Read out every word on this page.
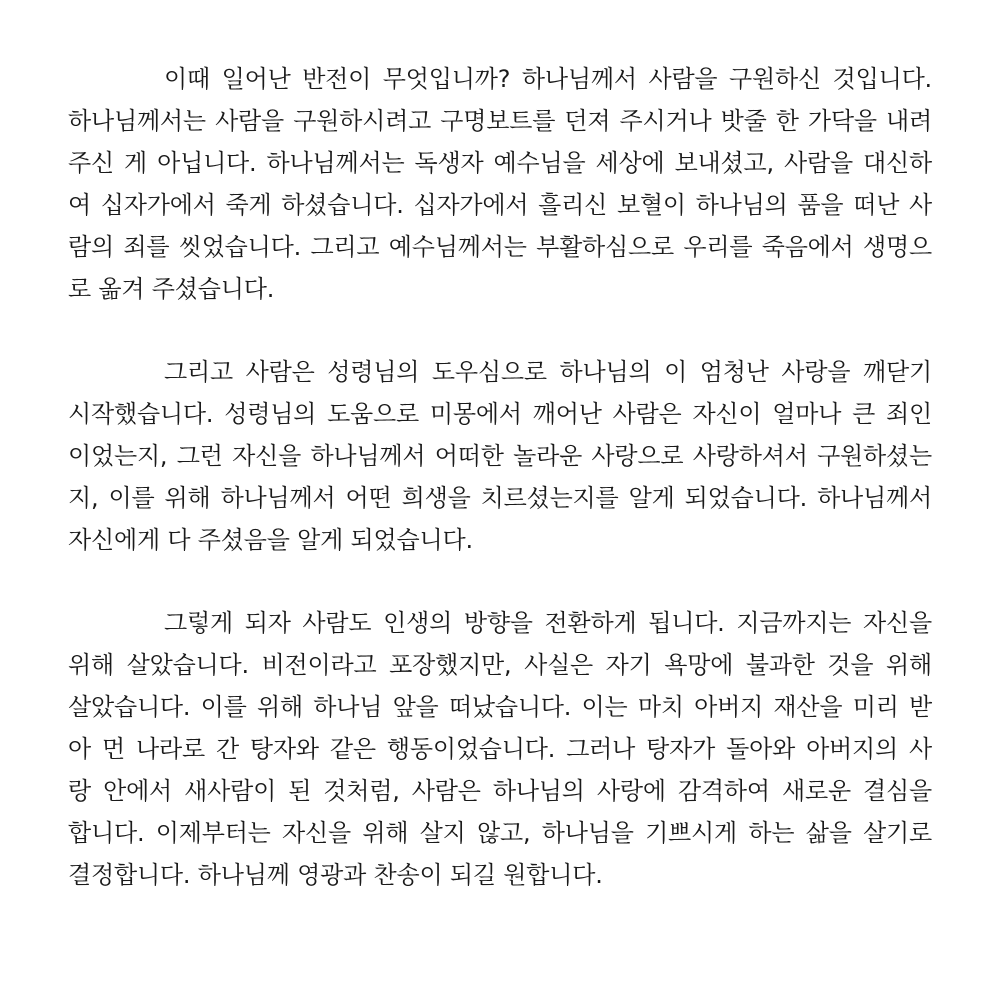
이때 일어난 반전이 무엇입니까? 하나님께서 사람을 구원하신 것입니다.
하나님께서는 사람을 구원하시려고 구명보트를 던져 주시거나 밧줄 한 가닥을 내려
주신 게 아닙니다. 하나님께서는 독생자 예수님을 세상에 보내셨고, 사람을 대신하
여 십자가에서 죽게 하셨습니다. 십자가에서 흘리신 보혈이 하나님의 품을 떠난 사
람의 죄를 씻었습니다. 그리고 예수님께서는 부활하심으로 우리를 죽음에서 생명으
로 옮겨 주셨습니다.
그리고 사람은 성령님의 도우심으로 하나님의 이 엄청난 사랑을 깨닫기
시작했습니다. 성령님의 도움으로 미몽에서 깨어난 사람은 자신이 얼마나 큰 죄인
이었는지, 그런 자신을 하나님께서 어떠한 놀라운 사랑으로 사랑하셔서 구원하셨는
지, 이를 위해 하나님께서 어떤 희생을 치르셨는지를 알게 되었습니다. 하나님께서
자신에게 다 주셨음을 알게 되었습니다.
그렇게 되자 사람도 인생의 방향을 전환하게 됩니다. 지금까지는 자신을
위해 살았습니다. 비전이라고 포장했지만, 사실은 자기 욕망에 불과한 것을 위해
살았습니다. 이를 위해 하나님 앞을 떠났습니다. 이는 마치 아버지 재산을 미리 받
아 먼 나라로 간 탕자와 같은 행동이었습니다. 그러나 탕자가 돌아와 아버지의 사
랑 안에서 새사람이 된 것처럼, 사람은 하나님의 사랑에 감격하여 새로운 결심을
합니다. 이제부터는 자신을 위해 살지 않고, 하나님을 기쁘시게 하는 삶을 살기로
결정합니다. 하나님께 영광과 찬송이 되길 원합니다.
